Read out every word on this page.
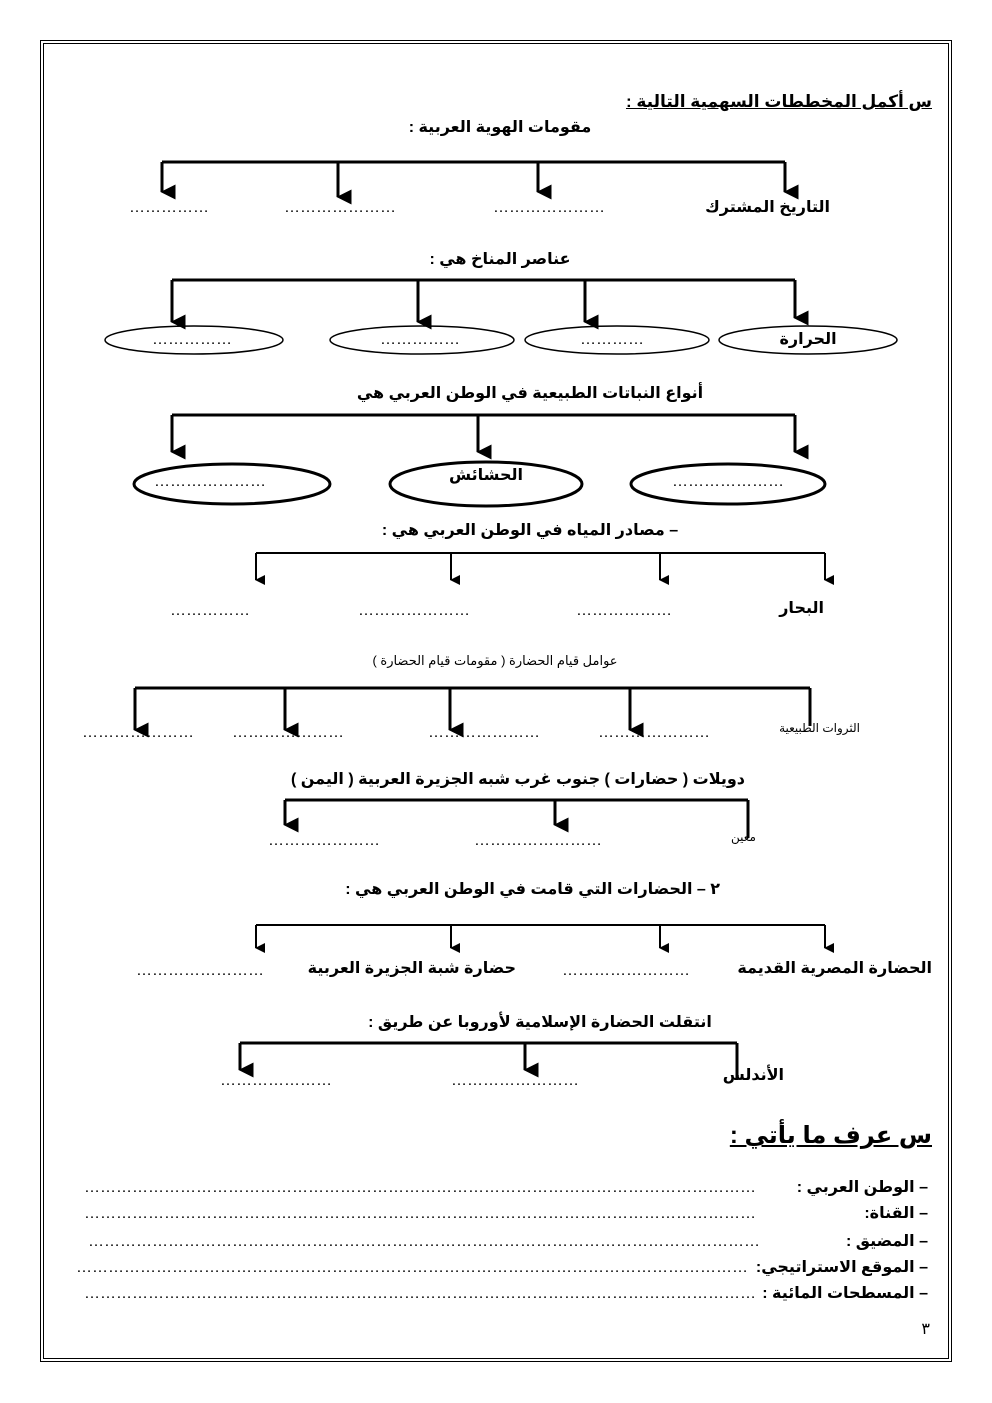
س أكمل المخططات السهمية التالية :
مقومات الهوية العربية :
التاريخ المشترك
…………………
…………………
……………
عناصر المناخ هي :
الحرارة
…………
……………
……………
أنواع النباتات الطبيعية في الوطن العربي هي
…………………
الحشائش
…………………
– مصادر المياه في الوطن العربي هي :
البحار
………………
…………………
……………
عوامل قيام الحضارة ( مقومات قيام الحضارة )
الثروات الطبيعية
…………………
…………………
…………………
…………………
دويلات ( حضارات ) جنوب غرب شبه الجزيرة العربية ( اليمن )
معين
……………………
…………………
٢ – الحضارات التي قامت في الوطن العربي هي :
الحضارة المصرية القديمة
……………………
حضارة شبة الجزيرة العربية
……………………
انتقلت الحضارة الإسلامية لأوروبا عن طريق :
الأندلس
……………………
…………………
س عرف ما يأتي :
– الوطن العربي :
………………………………………………………………………………………………………………
– القناة:
………………………………………………………………………………………………………………
– المضيق :
………………………………………………………………………………………………………………
– الموقع الاستراتيجي:
………………………………………………………………………………………………………………
– المسطحات المائية :
………………………………………………………………………………………………………………
٣
